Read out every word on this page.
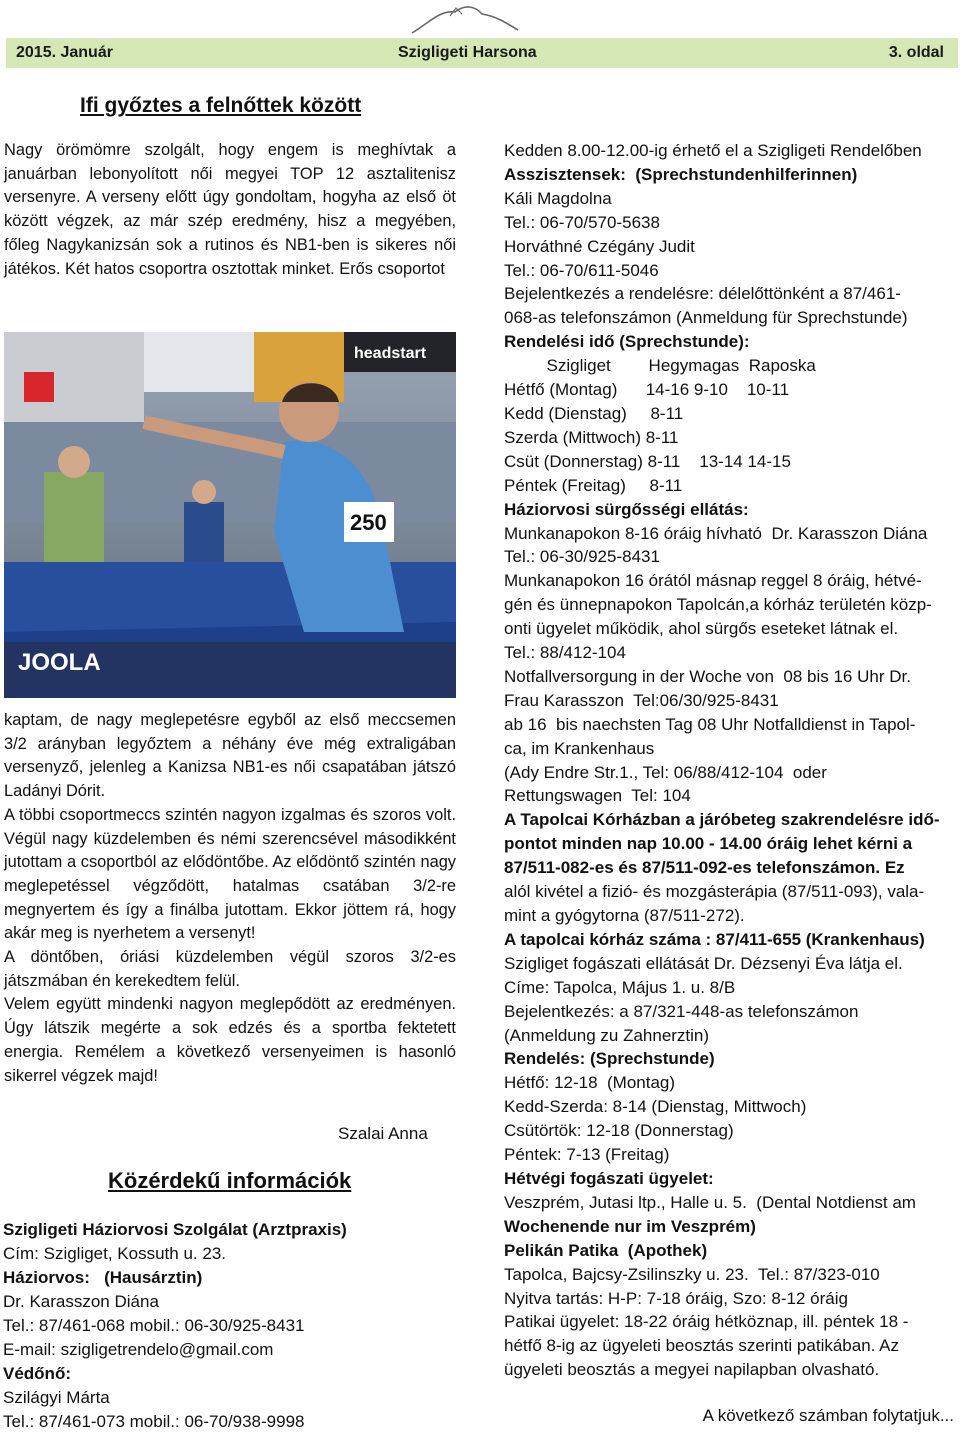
2015. Január	Szigligeti Harsona	3. oldal
Ifi győztes a felnőttek között

Nagy örömömre szolgált, hogy engem is meghívtak a januárban lebonyolított női megyei TOP 12 asztalitenisz versenyre. A verseny előtt úgy gondoltam, hogyha az első öt között végzek, az már szép eredmény, hisz a megyében, főleg Nagykanizsán sok a rutinos és NB1-ben is sikeres női játékos. Két hatos csoportra osztottak minket. Erős csoportot

headstart
JOOLA
250

kaptam, de nagy meglepetésre egyből az első meccsemen 3/2 arányban legyőztem a néhány éve még extraligában versenyző, jelenleg a Kanizsa NB1-es női csapatában játszó Ladányi Dórit.

A többi csoportmeccs szintén nagyon izgalmas és szoros volt. Végül nagy küzdelemben és némi szerencsével másodikként jutottam a csoportból az elődöntőbe. Az elődöntő szintén nagy meglepetéssel végződött, hatalmas csatában 3/2-re megnyertem és így a finálba jutottam. Ekkor jöttem rá, hogy akár meg is nyerhetem a versenyt!

A döntőben, óriási küzdelemben végül szoros 3/2-es játszmában én kerekedtem felül.

Velem együtt mindenki nagyon meglepődött az eredményen. Úgy látszik megérte a sok edzés és a sportba fektetett energia. Remélem a következő versenyeimen is hasonló sikerrel végzek majd!

Szalai Anna
Közérdekű információk
Szigligeti Háziorvosi Szolgálat (Arztpraxis)
Cím: Szigliget, Kossuth u. 23.
Háziorvos:   (Hausárztin)
Dr. Karasszon Diána
Tel.: 87/461-068 mobil.: 06-30/925-8431
E-mail: szigligetrendelo@gmail.com
Védőnő:
Szilágyi Márta
Tel.: 87/461-073 mobil.: 06-70/938-9998
Kedden 8.00-12.00-ig érhető el a Szigligeti Rendelőben
Asszisztensek:  (Sprechstundenhilferinnen)
Káli Magdolna
Tel.: 06-70/570-5638
Horváthné Czégány Judit
Tel.: 06-70/611-5046
Bejelentkezés a rendelésre: délelőttönként a 87/461-
068-as telefonszámon (Anmeldung für Sprechstunde)
Rendelési idő (Sprechstunde):
Szigliget        Hegymagas  Raposka
Hétfő (Montag)      14-16 9-10    10-11
Kedd (Dienstag)     8-11
Szerda (Mittwoch) 8-11
Csüt (Donnerstag) 8-11    13-14 14-15
Péntek (Freitag)     8-11
Háziorvosi sürgősségi ellátás:
Munkanapokon 8-16 óráig hívható  Dr. Karasszon Diána
Tel.: 06-30/925-8431
Munkanapokon 16 órától másnap reggel 8 óráig, hétvé-
gén és ünnepnapokon Tapolcán,a kórház területén közp-
onti ügyelet működik, ahol sürgős eseteket látnak el.
Tel.: 88/412-104
Notfallversorgung in der Woche von  08 bis 16 Uhr Dr.
Frau Karasszon  Tel:06/30/925-8431
ab 16  bis naechsten Tag 08 Uhr Notfalldienst in Tapol-
ca, im Krankenhaus
(Ady Endre Str.1., Tel: 06/88/412-104  oder
Rettungswagen  Tel: 104
A Tapolcai Kórházban a járóbeteg szakrendelésre idő-
pontot minden nap 10.00 - 14.00 óráig lehet kérni a
87/511-082-es és 87/511-092-es telefonszámon. Ez
alól kivétel a fizió- és mozgásterápia (87/511-093), vala-
mint a gyógytorna (87/511-272).
A tapolcai kórház száma : 87/411-655 (Krankenhaus)
Szigliget fogászati ellátását Dr. Dézsenyi Éva látja el.
Címe: Tapolca, Május 1. u. 8/B
Bejelentkezés: a 87/321-448-as telefonszámon
(Anmeldung zu Zahnerztin)
Rendelés: (Sprechstunde)
Hétfő: 12-18  (Montag)
Kedd-Szerda: 8-14 (Dienstag, Mittwoch)
Csütörtök: 12-18 (Donnerstag)
Péntek: 7-13 (Freitag)
Hétvégi fogászati ügyelet:
Veszprém, Jutasi ltp., Halle u. 5.  (Dental Notdienst am
Wochenende nur im Veszprém)
Pelikán Patika  (Apothek)
Tapolca, Bajcsy-Zsilinszky u. 23.  Tel.: 87/323-010
Nyitva tartás: H-P: 7-18 óráig, Szo: 8-12 óráig
Patikai ügyelet: 18-22 óráig hétköznap, ill. péntek 18 -
hétfő 8-ig az ügyeleti beosztás szerinti patikában. Az
ügyeleti beosztás a megyei napilapban olvasható.
A következő számban folytatjuk...
